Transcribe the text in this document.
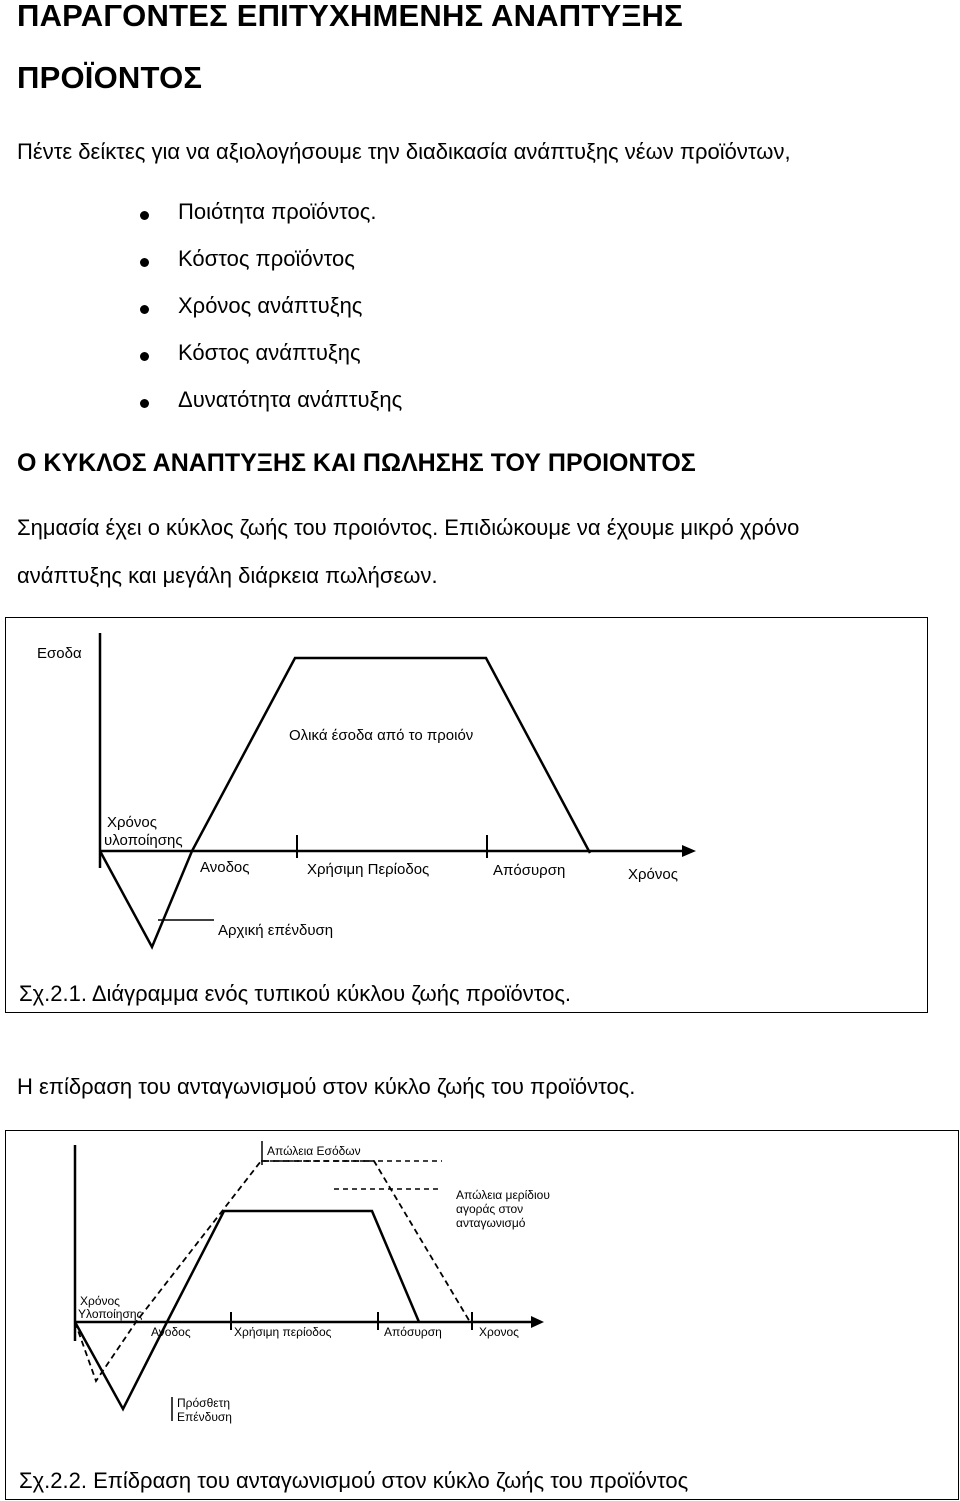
ΠΑΡΑΓΟΝΤΕΣ ΕΠΙΤΥΧΗΜΕΝΗΣ ΑΝΑΠΤΥΞΗΣ
ΠΡΟΪΟΝΤΟΣ
Πέντε δείκτες για να αξιολογήσουμε την διαδικασία ανάπτυξης νέων προϊόντων,
Ποιότητα προϊόντος.
Κόστος προϊόντος
Χρόνος ανάπτυξης
Κόστος ανάπτυξης
Δυνατότητα ανάπτυξης
Ο ΚΥΚΛΟΣ ΑΝΑΠΤΥΞΗΣ ΚΑΙ ΠΩΛΗΣΗΣ ΤΟΥ ΠΡΟΙΟΝΤΟΣ
Σημασία έχει ο κύκλος ζωής του προιόντος. Επιδιώκουμε να έχουμε μικρό χρόνο
ανάπτυξης και μεγάλη διάρκεια πωλήσεων.
Εσοδα
Ολικά έσοδα από το προιόν
Χρόνος
υλοποίησης
Ανοδος	Χρήσιμη Περίοδος	Απόσυρση	Χρόνος
Αρχική επένδυση
Σχ.2.1. Διάγραμμα ενός τυπικού κύκλου ζωής προϊόντος.
Η επίδραση του ανταγωνισμού στον κύκλο ζωής του προϊόντος.
Απώλεια Εσόδων
Απώλεια μερίδιου
αγοράς στον
ανταγωνισμό
Χρόνος
Υλοποίησης
Ανοδος	Χρήσιμη περίοδος	Απόσυρση	Χρονος
Πρόσθετη
Επένδυση
Σχ.2.2. Επίδραση του ανταγωνισμού στον κύκλο ζωής του προϊόντος
